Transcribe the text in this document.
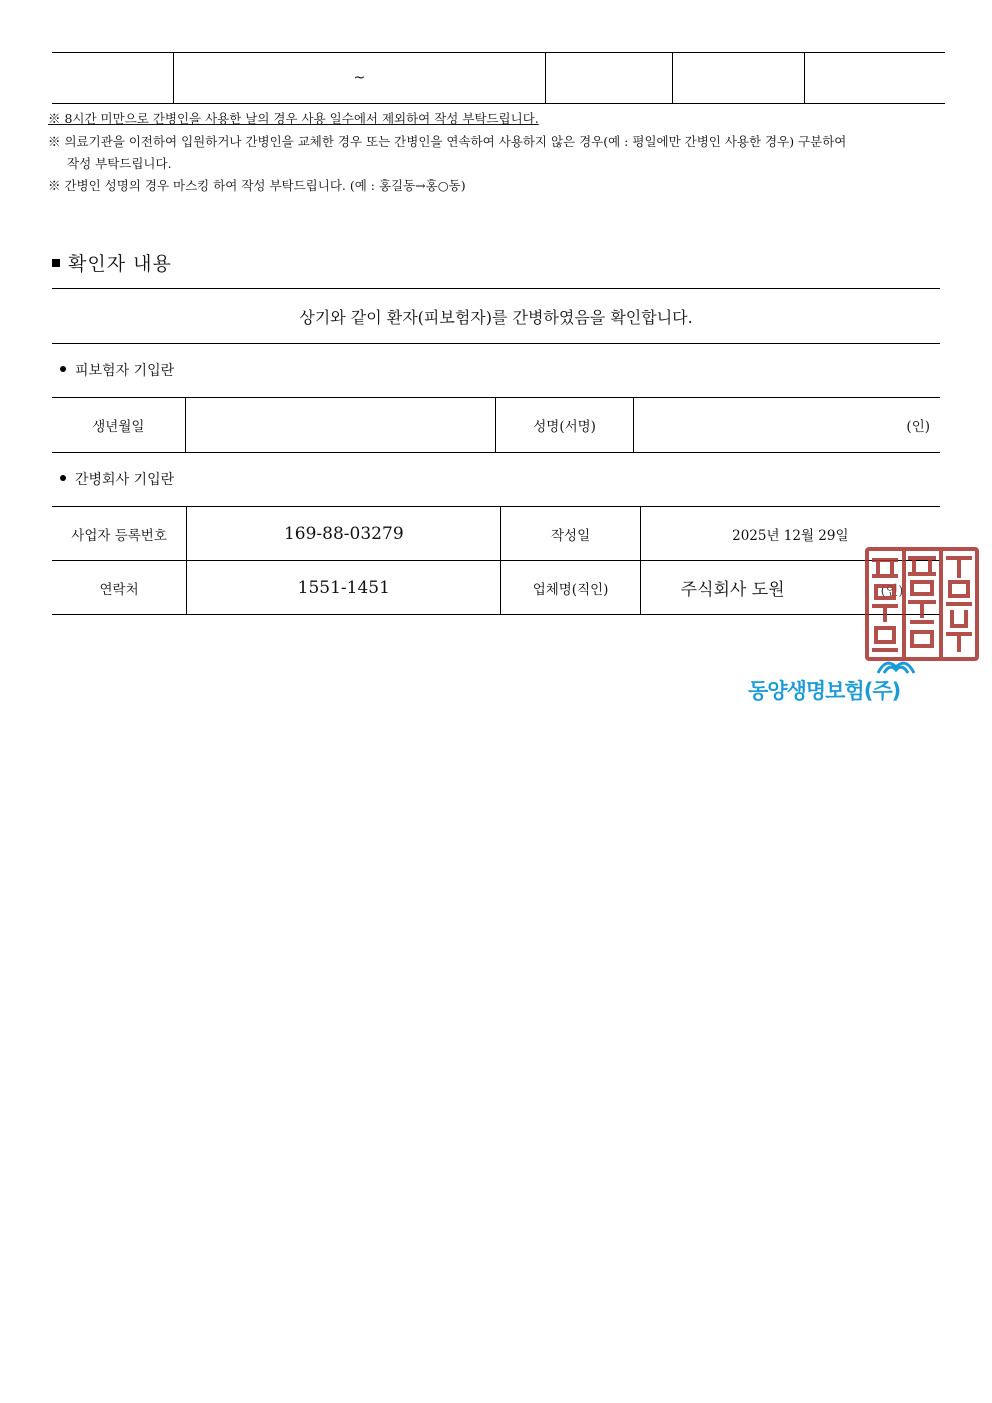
	~			
※ 8시간 미만으로 간병인을 사용한 날의 경우 사용 일수에서 제외하여 작성 부탁드립니다.
※ 의료기관을 이전하여 입원하거나 간병인을 교체한 경우 또는 간병인을 연속하여 사용하지 않은 경우(예 : 평일에만 간병인 사용한 경우) 구분하여
작성 부탁드립니다.
※ 간병인 성명의 경우 마스킹 하여 작성 부탁드립니다. (예 : 홍길동→홍○동)
확인자 내용
상기와 같이 환자(피보험자)를 간병하였음을 확인합니다.
피보험자 기입란
생년월일		성명(서명)	(인)
간병회사 기입란
사업자 등록번호	169-88-03279	작성일	2025년 12월 29일
연락처	1551-1451	업체명(직인)	주식회사 도원 (인)
동양생명보험(주)
